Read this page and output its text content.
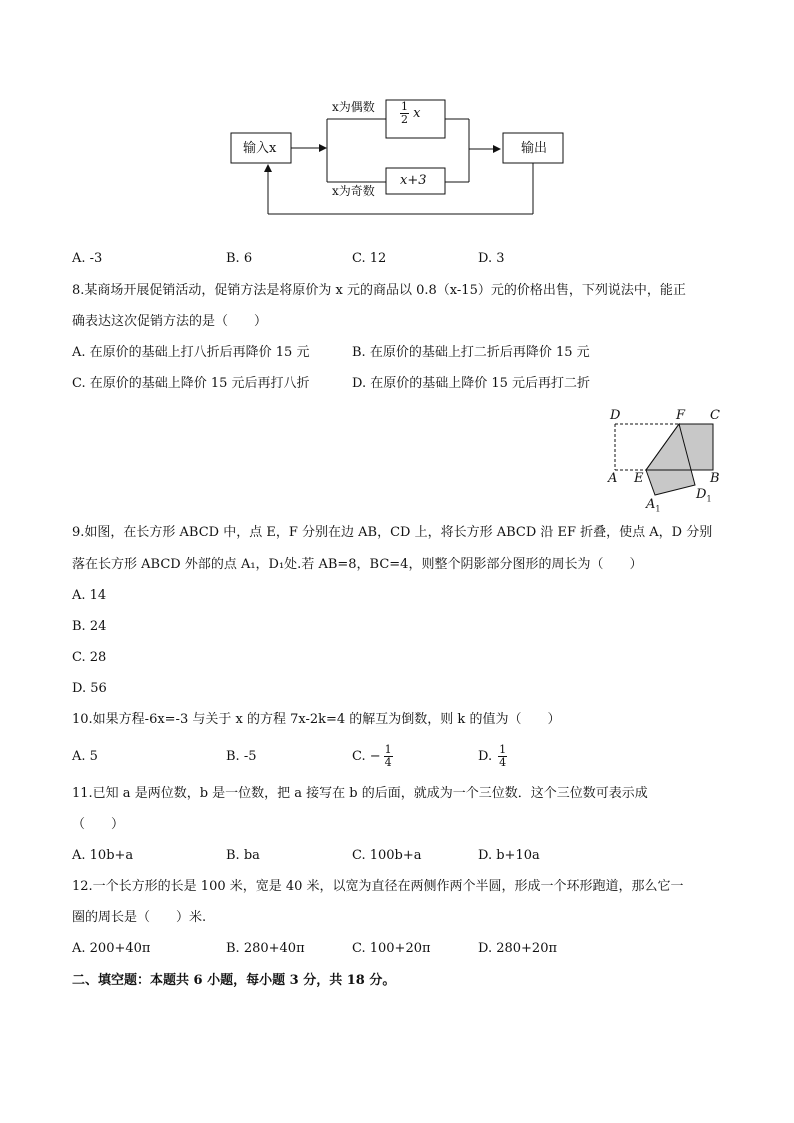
输入x
x为偶数
x为奇数
$\frac{1}{2}$ x
x+3
输出
A. -3	B. 6	C. 12	D. 3
8.某商场开展促销活动，促销方法是将原价为 x 元的商品以 0.8（x-15）元的价格出售，下列说法中，能正
确表达这次促销方法的是（　　）
A. 在原价的基础上打八折后再降价 15 元	B. 在原价的基础上打二折后再降价 15 元
C. 在原价的基础上降价 15 元后再打八折	D. 在原价的基础上降价 15 元后再打二折
D	F C
A E	B
$A_1$
$D_1$
9.如图，在长方形 ABCD 中，点 E，F 分别在边 AB，CD 上，将长方形 ABCD 沿 EF 折叠，使点 A，D 分别
落在长方形 ABCD 外部的点 A₁，D₁处.若 AB=8，BC=4，则整个阴影部分图形的周长为（　　）
A. 14
B. 24
C. 28
D. 56
10.如果方程-6x=-3 与关于 x 的方程 7x-2k=4 的解互为倒数，则 k 的值为（　　）
A. 5	B. -5	C. − $\frac{1}{4}$	D. $\frac{1}{4}$
11.已知 a 是两位数，b 是一位数，把 a 接写在 b 的后面，就成为一个三位数．这个三位数可表示成
（　　）
A. 10b+a	B. ba	C. 100b+a	D. b+10a
12.一个长方形的长是 100 米，宽是 40 米，以宽为直径在两侧作两个半圆，形成一个环形跑道，那么它一
圈的周长是（　　）米.
A. 200+40π	B. 280+40π	C. 100+20π	D. 280+20π
二、填空题：本题共 6 小题，每小题 3 分，共 18 分。
